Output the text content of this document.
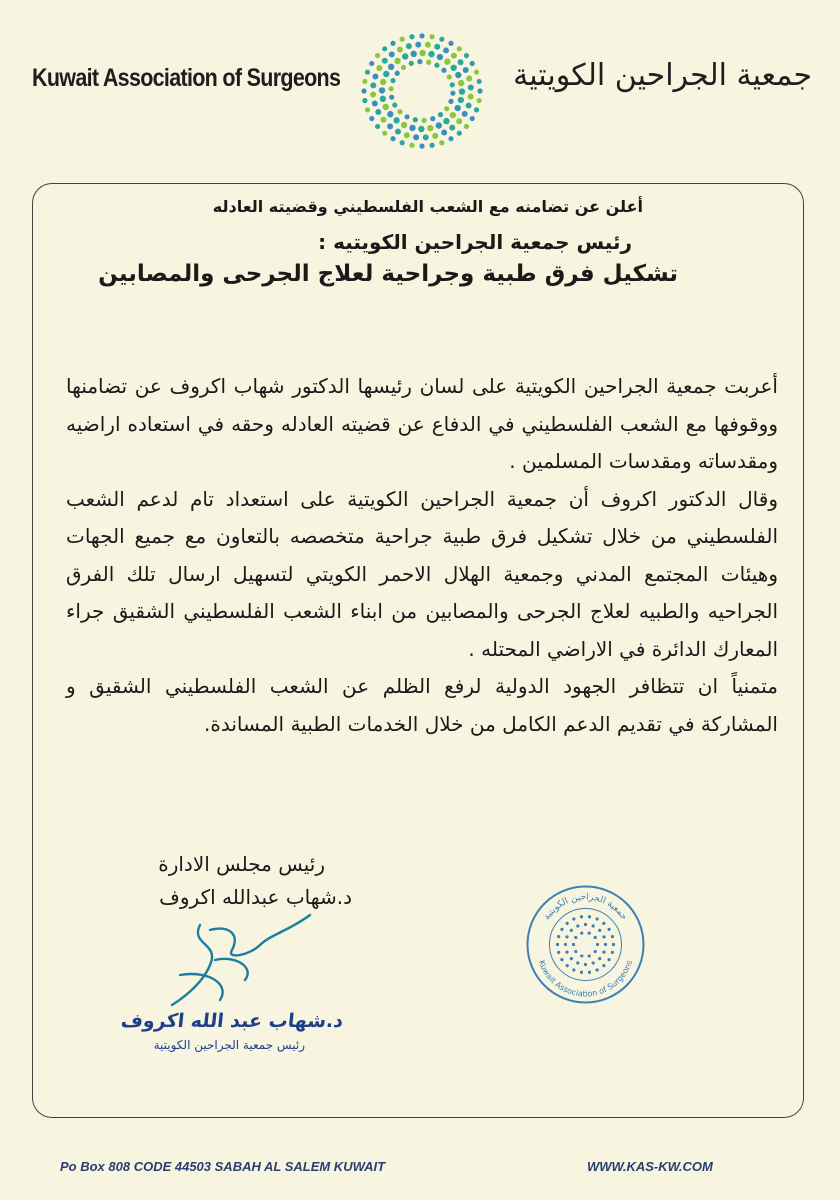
Kuwait Association of Surgeons	جمعية الجراحين الكويتية
أعلن عن تضامنه مع الشعب الفلسطيني وقضيته العادله
رئيس جمعية الجراحين الكويتيه :
تشكيل فرق طبية وجراحية لعلاج الجرحى والمصابين

أعربت جمعية الجراحين الكويتية على لسان رئيسها الدكتور شهاب اكروف عن تضامنها ووقوفها مع الشعب الفلسطيني في الدفاع عن قضيته العادله وحقه في استعاده اراضيه ومقدساته ومقدسات المسلمين .

وقال الدكتور اكروف أن جمعية الجراحين الكويتية على استعداد تام لدعم الشعب الفلسطيني من خلال تشكيل فرق طبية جراحية متخصصه بالتعاون مع جميع الجهات وهيئات المجتمع المدني وجمعية الهلال الاحمر الكويتي لتسهيل ارسال تلك الفرق الجراحيه والطبيه لعلاج الجرحى والمصابين من ابناء الشعب الفلسطيني الشقيق جراء المعارك الدائرة في الاراضي المحتله .

متمنياً ان تتظافر الجهود الدولية لرفع الظلم عن الشعب الفلسطيني الشقيق و المشاركة في تقديم الدعم الكامل من خلال الخدمات الطبية المساندة.

رئيس مجلس الادارة
د.شهاب عبدالله اكروف
د.شهاب عبد الله اكروف
رئيس جمعية الجراحين الكويتية
جمعية الجراحين الكويتية
Kuwait Association of Surgeons
Po Box 808 CODE 44503 SABAH AL SALEM KUWAIT	WWW.KAS-KW.COM
